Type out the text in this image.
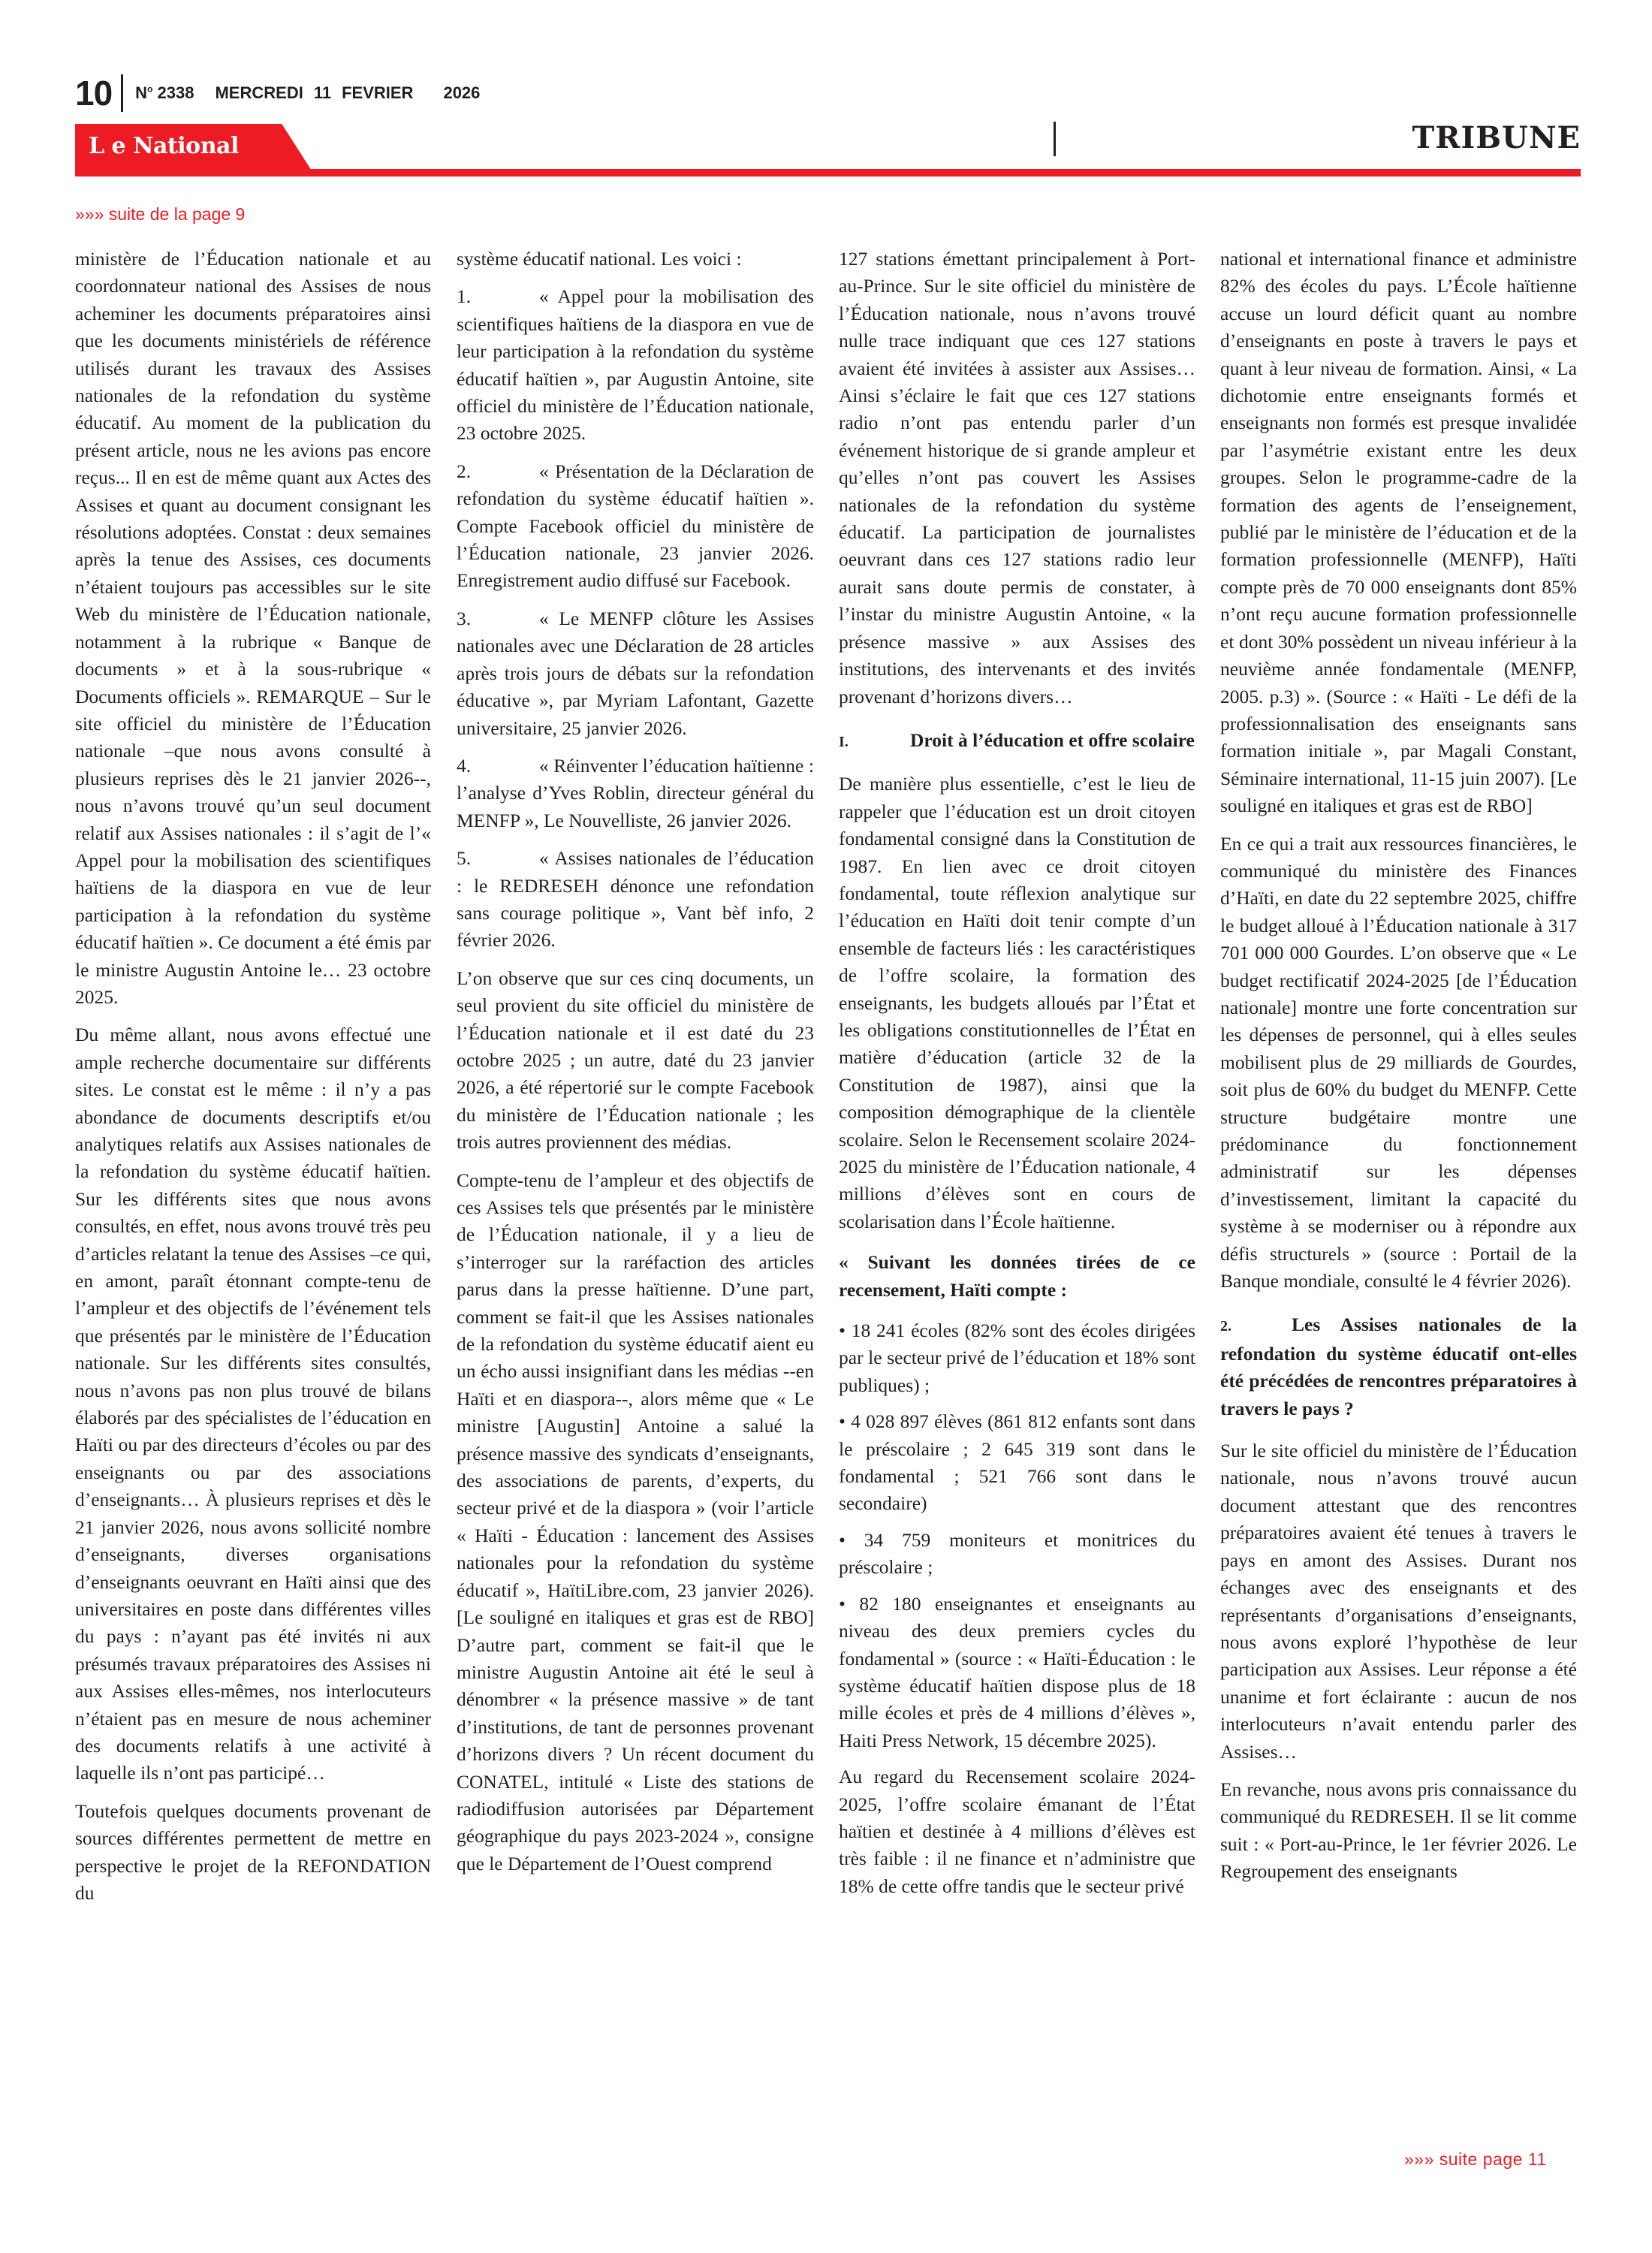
10 $N^o$ 2338 MERCREDI 11 FEVRIER 2026
L e National	TRIBUNE
»»» suite de la page 9

ministère de l’Éducation nationale et au coordonnateur national des Assises de nous acheminer les documents préparatoires ainsi que les documents ministériels de référence utilisés durant les travaux des Assises nationales de la refondation du système éducatif. Au moment de la publication du présent article, nous ne les avions pas encore reçus... Il en est de même quant aux Actes des Assises et quant au document consignant les résolutions adoptées. Constat : deux semaines après la tenue des Assises, ces documents n’étaient toujours pas accessibles sur le site Web du ministère de l’Éducation nationale, notamment à la rubrique « Banque de documents » et à la sous-rubrique « Documents officiels ». REMARQUE – Sur le site officiel du ministère de l’Éducation nationale –que nous avons consulté à plusieurs reprises dès le 21 janvier 2026--, nous n’avons trouvé qu’un seul document relatif aux Assises nationales : il s’agit de l’« Appel pour la mobilisation des scientifiques haïtiens de la diaspora en vue de leur participation à la refondation du système éducatif haïtien ». Ce document a été émis par le ministre Augustin Antoine le… 23 octobre 2025.

Du même allant, nous avons effectué une ample recherche documentaire sur différents sites. Le constat est le même : il n’y a pas abondance de documents descriptifs et/ou analytiques relatifs aux Assises nationales de la refondation du système éducatif haïtien. Sur les différents sites que nous avons consultés, en effet, nous avons trouvé très peu d’articles relatant la tenue des Assises –ce qui, en amont, paraît étonnant compte-tenu de l’ampleur et des objectifs de l’événement tels que présentés par le ministère de l’Éducation nationale. Sur les différents sites consultés, nous n’avons pas non plus trouvé de bilans élaborés par des spécialistes de l’éducation en Haïti ou par des directeurs d’écoles ou par des enseignants ou par des associations d’enseignants… À plusieurs reprises et dès le 21 janvier 2026, nous avons sollicité nombre d’enseignants, diverses organisations d’enseignants oeuvrant en Haïti ainsi que des universitaires en poste dans différentes villes du pays : n’ayant pas été invités ni aux présumés travaux préparatoires des Assises ni aux Assises elles-mêmes, nos interlocuteurs n’étaient pas en mesure de nous acheminer des documents relatifs à une activité à laquelle ils n’ont pas participé…

Toutefois quelques documents provenant de sources différentes permettent de mettre en perspective le projet de la REFONDATION du

système éducatif national. Les voici :

1.	« Appel pour la mobilisation des scientifiques haïtiens de la diaspora en vue de leur participation à la refondation du système éducatif haïtien », par Augustin Antoine, site officiel du ministère de l’Éducation nationale, 23 octobre 2025.

2.	« Présentation de la Déclaration de refondation du système éducatif haïtien ». Compte Facebook officiel du ministère de l’Éducation nationale, 23 janvier 2026. Enregistrement audio diffusé sur Facebook.

3.	« Le MENFP clôture les Assises nationales avec une Déclaration de 28 articles après trois jours de débats sur la refondation éducative », par Myriam Lafontant, Gazette universitaire, 25 janvier 2026.

4.	« Réinventer l’éducation haïtienne : l’analyse d’Yves Roblin, directeur général du MENFP », Le Nouvelliste, 26 janvier 2026.

5.	« Assises nationales de l’éducation : le REDRESEH dénonce une refondation sans courage politique », Vant bèf info, 2 février 2026.

L’on observe que sur ces cinq documents, un seul provient du site officiel du ministère de l’Éducation nationale et il est daté du 23 octobre 2025 ; un autre, daté du 23 janvier 2026, a été répertorié sur le compte Facebook du ministère de l’Éducation nationale ; les trois autres proviennent des médias.

Compte-tenu de l’ampleur et des objectifs de ces Assises tels que présentés par le ministère de l’Éducation nationale, il y a lieu de s’interroger sur la raréfaction des articles parus dans la presse haïtienne. D’une part, comment se fait-il que les Assises nationales de la refondation du système éducatif aient eu un écho aussi insignifiant dans les médias --en Haïti et en diaspora--, alors même que « Le ministre [Augustin] Antoine a salué la présence massive des syndicats d’enseignants, des associations de parents, d’experts, du secteur privé et de la diaspora » (voir l’article « Haïti - Éducation : lancement des Assises nationales pour la refondation du système éducatif », HaïtiLibre.com, 23 janvier 2026). [Le souligné en italiques et gras est de RBO] D’autre part, comment se fait-il que le ministre Augustin Antoine ait été le seul à dénombrer « la présence massive » de tant d’institutions, de tant de personnes provenant d’horizons divers ? Un récent document du CONATEL, intitulé « Liste des stations de radiodiffusion autorisées par Département géographique du pays 2023-2024 », consigne que le Département de l’Ouest comprend

127 stations émettant principalement à Port-au-Prince. Sur le site officiel du ministère de l’Éducation nationale, nous n’avons trouvé nulle trace indiquant que ces 127 stations avaient été invitées à assister aux Assises… Ainsi s’éclaire le fait que ces 127 stations radio n’ont pas entendu parler d’un événement historique de si grande ampleur et qu’elles n’ont pas couvert les Assises nationales de la refondation du système éducatif. La participation de journalistes oeuvrant dans ces 127 stations radio leur aurait sans doute permis de constater, à l’instar du ministre Augustin Antoine, « la présence massive » aux Assises des institutions, des intervenants et des invités provenant d’horizons divers…

I.	Droit à l’éducation et offre scolaire

De manière plus essentielle, c’est le lieu de rappeler que l’éducation est un droit citoyen fondamental consigné dans la Constitution de 1987. En lien avec ce droit citoyen fondamental, toute réflexion analytique sur l’éducation en Haïti doit tenir compte d’un ensemble de facteurs liés : les caractéristiques de l’offre scolaire, la formation des enseignants, les budgets alloués par l’État et les obligations constitutionnelles de l’État en matière d’éducation (article 32 de la Constitution de 1987), ainsi que la composition démographique de la clientèle scolaire. Selon le Recensement scolaire 2024-2025 du ministère de l’Éducation nationale, 4 millions d’élèves sont en cours de scolarisation dans l’École haïtienne.

« Suivant les données tirées de ce recensement, Haïti compte :

• 18 241 écoles (82% sont des écoles dirigées par le secteur privé de l’éducation et 18% sont publiques) ;

• 4 028 897 élèves (861 812 enfants sont dans le préscolaire ; 2 645 319 sont dans le fondamental ; 521 766 sont dans le secondaire)

• 34 759 moniteurs et monitrices du préscolaire ;

• 82 180 enseignantes et enseignants au niveau des deux premiers cycles du fondamental » (source : « Haïti-Éducation : le système éducatif haïtien dispose plus de 18 mille écoles et près de 4 millions d’élèves », Haiti Press Network, 15 décembre 2025).

Au regard du Recensement scolaire 2024-2025, l’offre scolaire émanant de l’État haïtien et destinée à 4 millions d’élèves est très faible : il ne finance et n’administre que 18% de cette offre tandis que le secteur privé

national et international finance et administre 82% des écoles du pays. L’École haïtienne accuse un lourd déficit quant au nombre d’enseignants en poste à travers le pays et quant à leur niveau de formation. Ainsi, « La dichotomie entre enseignants formés et enseignants non formés est presque invalidée par l’asymétrie existant entre les deux groupes. Selon le programme-cadre de la formation des agents de l’enseignement, publié par le ministère de l’éducation et de la formation professionnelle (MENFP), Haïti compte près de 70 000 enseignants dont 85% n’ont reçu aucune formation professionnelle et dont 30% possèdent un niveau inférieur à la neuvième année fondamentale (MENFP, 2005. p.3) ». (Source : « Haïti - Le défi de la professionnalisation des enseignants sans formation initiale », par Magali Constant, Séminaire international, 11-15 juin 2007). [Le souligné en italiques et gras est de RBO]

En ce qui a trait aux ressources financières, le communiqué du ministère des Finances d’Haïti, en date du 22 septembre 2025, chiffre le budget alloué à l’Éducation nationale à 317 701 000 000 Gourdes. L’on observe que « Le budget rectificatif 2024-2025 [de l’Éducation nationale] montre une forte concentration sur les dépenses de personnel, qui à elles seules mobilisent plus de 29 milliards de Gourdes, soit plus de 60% du budget du MENFP. Cette structure budgétaire montre une prédominance du fonctionnement administratif sur les dépenses d’investissement, limitant la capacité du système à se moderniser ou à répondre aux défis structurels » (source : Portail de la Banque mondiale, consulté le 4 février 2026).

2.	Les Assises nationales de la refondation du système éducatif ont-elles été précédées de rencontres préparatoires à travers le pays ?

Sur le site officiel du ministère de l’Éducation nationale, nous n’avons trouvé aucun document attestant que des rencontres préparatoires avaient été tenues à travers le pays en amont des Assises. Durant nos échanges avec des enseignants et des représentants d’organisations d’enseignants, nous avons exploré l’hypothèse de leur participation aux Assises. Leur réponse a été unanime et fort éclairante : aucun de nos interlocuteurs n’avait entendu parler des Assises…

En revanche, nous avons pris connaissance du communiqué du REDRESEH. Il se lit comme suit : « Port-au-Prince, le 1er février 2026. Le Regroupement des enseignants

»»» suite page 11
